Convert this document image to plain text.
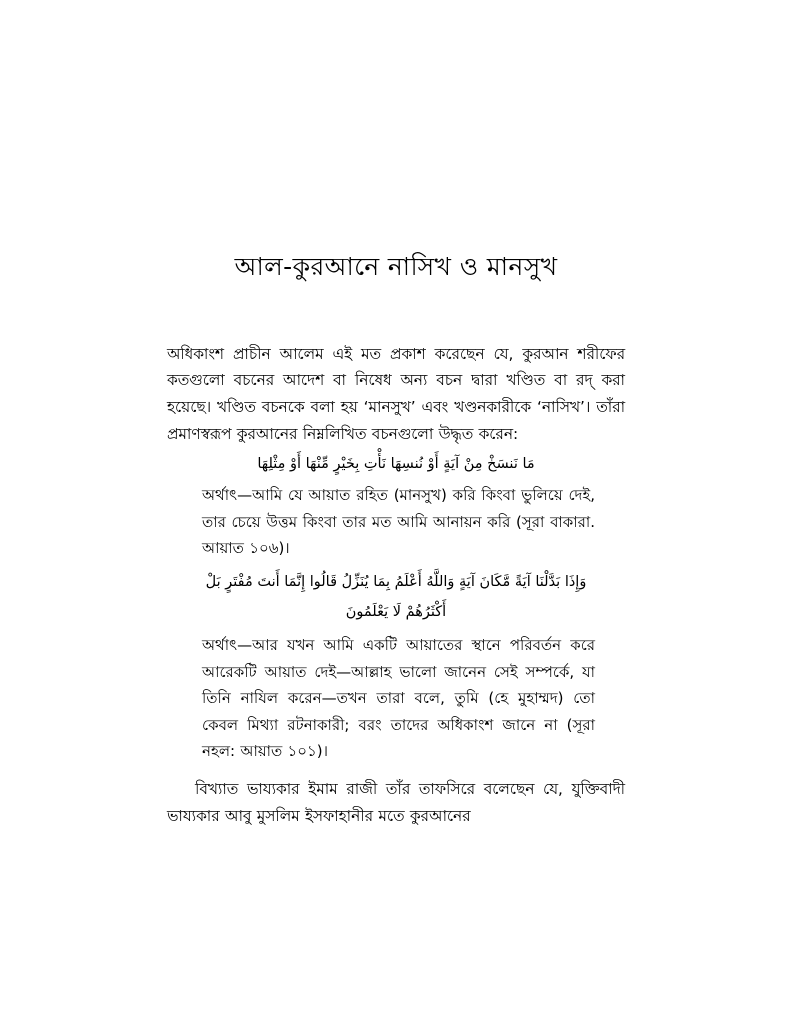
আল-কুরআনে নাসিখ ও মানসুখ

অধিকাংশ প্রাচীন আলেম এই মত প্রকাশ করেছেন যে, কুরআন শরীফের কতগুলো বচনের আদেশ বা নিষেধ অন্য বচন দ্বারা খণ্ডিত বা রদ্ করা হয়েছে। খণ্ডিত বচনকে বলা হয় ‘মানসুখ’ এবং খণ্ডনকারীকে ‘নাসিখ’। তাঁরা প্রমাণস্বরূপ কুরআনের নিম্নলিখিত বচনগুলো উদ্ধৃত করেন:

مَا نَنسَخْ مِنْ آيَةٍ أَوْ نُنسِهَا نَأْتِ بِخَيْرٍ مِّنْهَا أَوْ مِثْلِهَا

অর্থাৎ—আমি যে আয়াত রহিত (মানসুখ) করি কিংবা ভুলিয়ে দেই, তার চেয়ে উত্তম কিংবা তার মত আমি আনায়ন করি (সূরা বাকারা. আয়াত ১০৬)।

وَإِذَا بَدَّلْنَا آيَةً مَّكَانَ آيَةٍ وَاللَّهُ أَعْلَمُ بِمَا يُنَزِّلُ قَالُوا إِنَّمَا أَنتَ مُفْتَرٍ بَلْ

أَكْثَرُهُمْ لَا يَعْلَمُونَ

অর্থাৎ—আর যখন আমি একটি আয়াতের স্থানে পরিবর্তন করে আরেকটি আয়াত দেই—আল্লাহ ভালো জানেন সেই সম্পর্কে, যা তিনি নাযিল করেন—তখন তারা বলে, তুমি (হে মুহাম্মদ) তো কেবল মিথ্যা রটনাকারী; বরং তাদের অধিকাংশ জানে না (সূরা নহল: আয়াত ১০১)।

বিখ্যাত ভায্যকার ইমাম রাজী তাঁর তাফসিরে বলেছেন যে, যুক্তিবাদী ভায্যকার আবু মুসলিম ইসফাহানীর মতে কুরআনের
